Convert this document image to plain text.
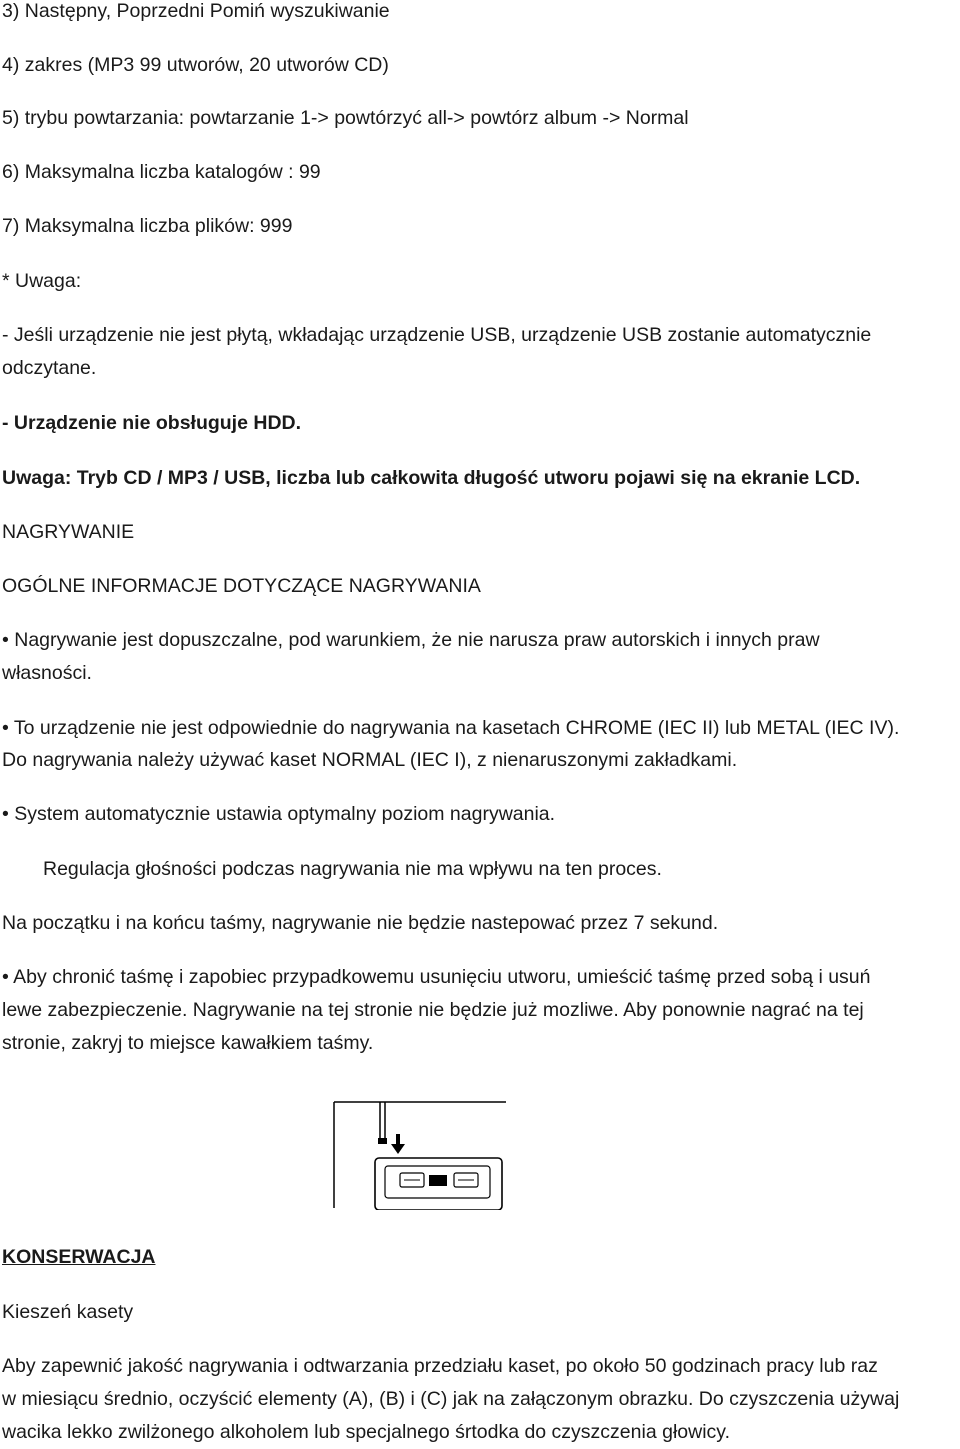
3) Następny, Poprzedni Pomiń wyszukiwanie
4) zakres (MP3 99 utworów, 20 utworów CD)
5) trybu powtarzania: powtarzanie 1-> powtórzyć all-> powtórz album -> Normal
6) Maksymalna liczba katalogów : 99
7) Maksymalna liczba plików: 999
* Uwaga:
- Jeśli urządzenie nie jest płytą, wkładając urządzenie USB, urządzenie USB zostanie automatycznie
odczytane.
- Urządzenie nie obsługuje HDD.
Uwaga: Tryb CD / MP3 / USB, liczba lub całkowita długość utworu pojawi się na ekranie LCD.
NAGRYWANIE
OGÓLNE INFORMACJE DOTYCZĄCE NAGRYWANIA
• Nagrywanie jest dopuszczalne, pod warunkiem, że nie narusza praw autorskich i innych praw
własności.
• To urządzenie nie jest odpowiednie do nagrywania na kasetach CHROME (IEC II) lub METAL (IEC IV).
Do nagrywania należy używać kaset NORMAL (IEC I), z nienaruszonymi zakładkami.
• System automatycznie ustawia optymalny poziom nagrywania.
Regulacja głośności podczas nagrywania nie ma wpływu na ten proces.
Na początku i na końcu taśmy, nagrywanie nie będzie nastepować przez 7 sekund.
• Aby chronić taśmę i zapobiec przypadkowemu usunięciu utworu, umieścić taśmę przed sobą i usuń
lewe zabezpieczenie. Nagrywanie na tej stronie nie będzie już mozliwe. Aby ponownie nagrać na tej
stronie, zakryj to miejsce kawałkiem taśmy.
KONSERWACJA
Kieszeń kasety
Aby zapewnić jakość nagrywania i odtwarzania przedziału kaset, po około 50 godzinach pracy lub raz
w miesiącu średnio, oczyścić elementy (A), (B) i (C) jak na załączonym obrazku. Do czyszczenia używaj
wacika lekko zwilżonego alkoholem lub specjalnego śrtodka do czyszczenia głowicy.
